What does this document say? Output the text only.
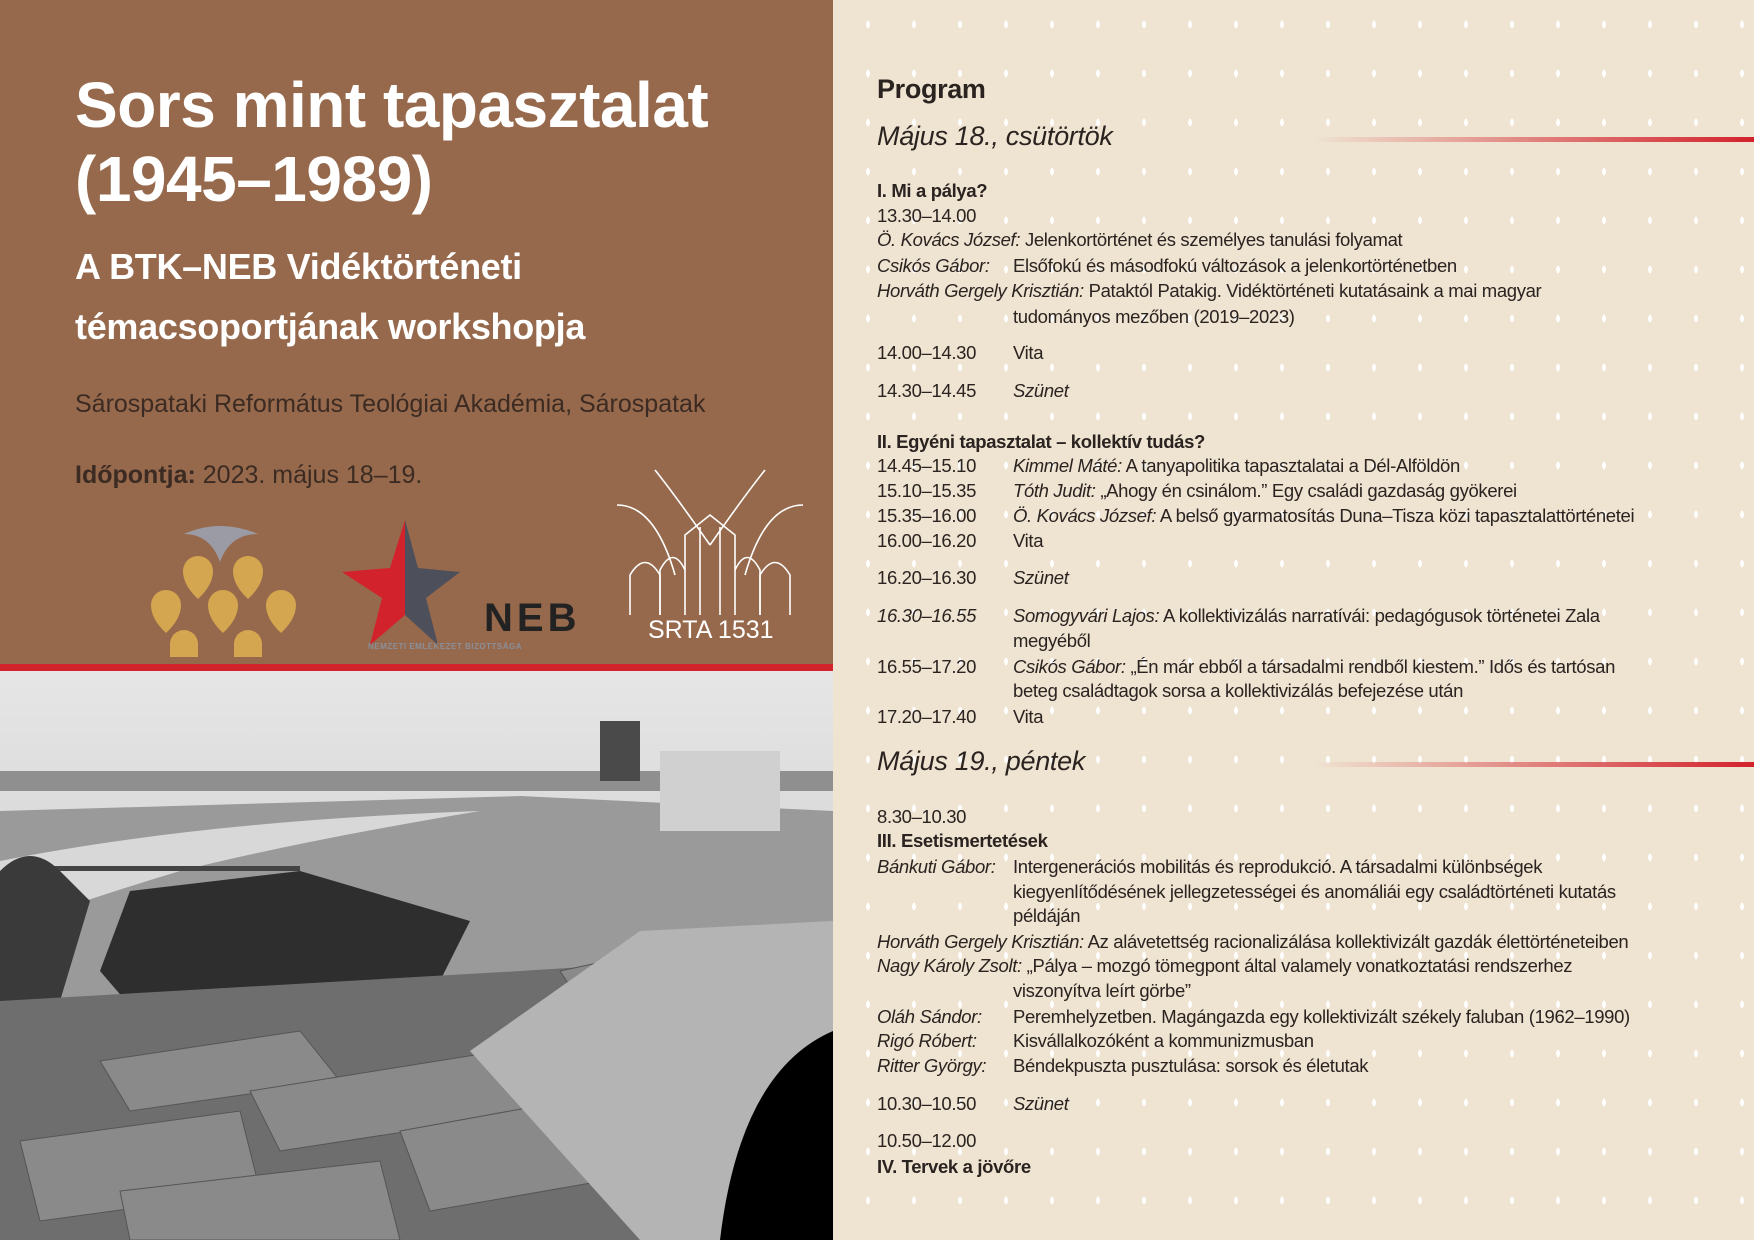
Sors mint tapasztalat
(1945–1989)
A BTK–NEB Vidéktörténeti
témacsoportjának workshopja
Sárospataki Református Teológiai Akadémia, Sárospatak
Időpontja: 2023. május 18–19.
NEB
NEMZETI EMLÉKEZET BIZOTTSÁGA
SRTA 1531
Program
Május 18., csütörtök
I. Mi a pálya?
13.30–14.00
Ö. Kovács József: Jelenkortörténet és személyes tanulási folyamat
Csikós Gábor: Elsőfokú és másodfokú változások a jelenkortörténetben
Horváth Gergely Krisztián: Pataktól Patakig. Vidéktörténeti kutatásaink a mai magyar
tudományos mezőben (2019–2023)
14.00–14.30 Vita
14.30–14.45 Szünet
II. Egyéni tapasztalat – kollektív tudás?
14.45–15.10 Kimmel Máté: A tanyapolitika tapasztalatai a Dél-Alföldön
15.10–15.35 Tóth Judit: „Ahogy én csinálom.” Egy családi gazdaság gyökerei
15.35–16.00 Ö. Kovács József: A belső gyarmatosítás Duna–Tisza közi tapasztalattörténetei
16.00–16.20 Vita
16.20–16.30 Szünet
16.30–16.55 Somogyvári Lajos: A kollektivizálás narratívái: pedagógusok történetei Zala
megyéből
16.55–17.20 Csikós Gábor: „Én már ebből a társadalmi rendből kiestem.” Idős és tartósan
beteg családtagok sorsa a kollektivizálás befejezése után
17.20–17.40 Vita
Május 19., péntek
8.30–10.30
III. Esetismertetések
Bánkuti Gábor: Intergenerációs mobilitás és reprodukció. A társadalmi különbségek
kiegyenlítődésének jellegzetességei és anomáliái egy családtörténeti kutatás
példáján
Horváth Gergely Krisztián: Az alávetettség racionalizálása kollektivizált gazdák élettörténeteiben
Nagy Károly Zsolt: „Pálya – mozgó tömegpont által valamely vonatkoztatási rendszerhez
viszonyítva leírt görbe”
Oláh Sándor: Peremhelyzetben. Magángazda egy kollektivizált székely faluban (1962–1990)
Rigó Róbert: Kisvállalkozóként a kommunizmusban
Ritter György: Béndekpuszta pusztulása: sorsok és életutak
10.30–10.50 Szünet
10.50–12.00
IV. Tervek a jövőre
